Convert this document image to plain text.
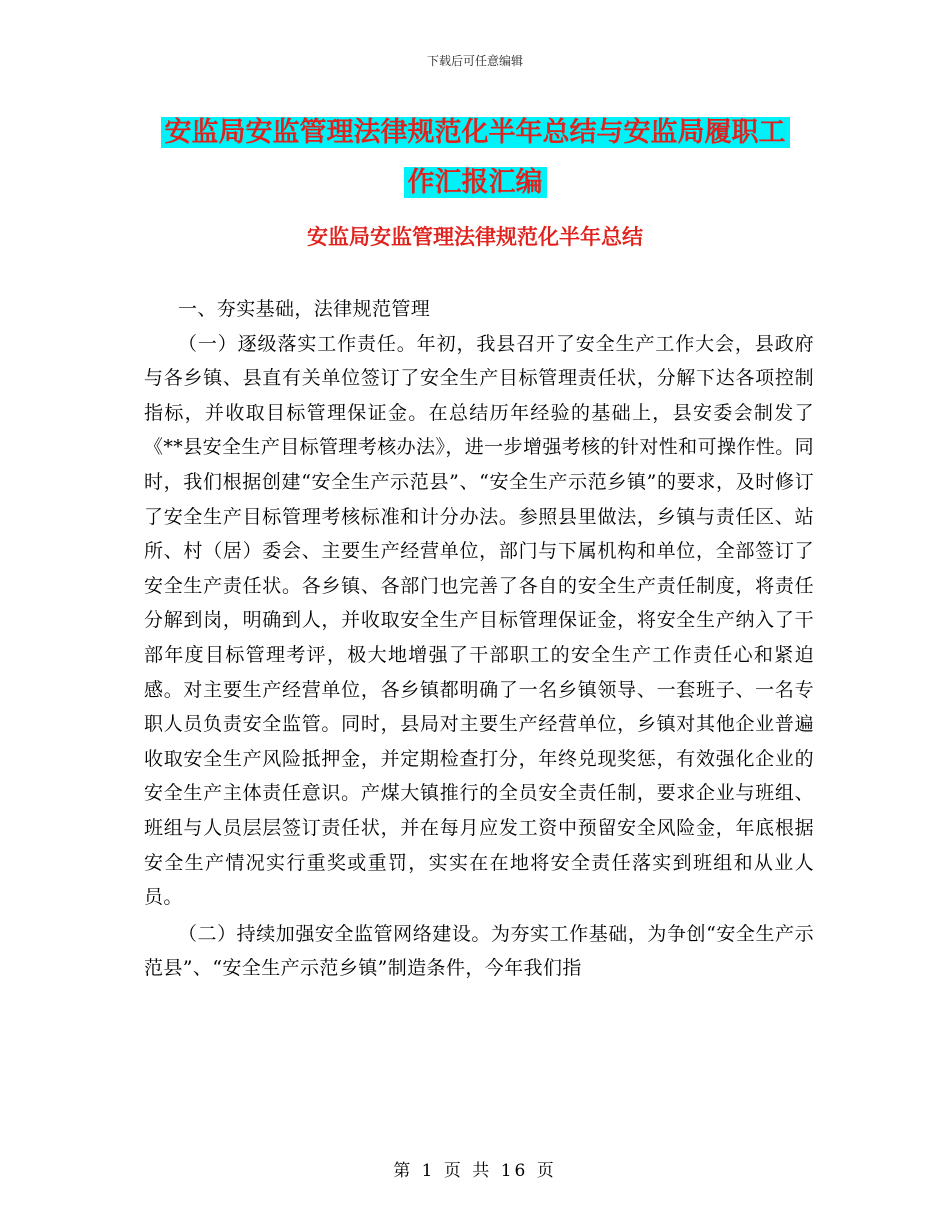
下载后可任意编辑
安监局安监管理法律规范化半年总结与安监局履职工
作汇报汇编
安监局安监管理法律规范化半年总结

一、夯实基础，法律规范管理

（一）逐级落实工作责任。年初，我县召开了安全生产工作大会，县政府与各乡镇、县直有关单位签订了安全生产目标管理责任状，分解下达各项控制指标，并收取目标管理保证金。在总结历年经验的基础上，县安委会制发了《**县安全生产目标管理考核办法》，进一步增强考核的针对性和可操作性。同时，我们根据创建“安全生产示范县”、“安全生产示范乡镇”的要求，及时修订了安全生产目标管理考核标准和计分办法。参照县里做法，乡镇与责任区、站所、村（居）委会、主要生产经营单位，部门与下属机构和单位，全部签订了安全生产责任状。各乡镇、各部门也完善了各自的安全生产责任制度，将责任分解到岗，明确到人，并收取安全生产目标管理保证金，将安全生产纳入了干部年度目标管理考评，极大地增强了干部职工的安全生产工作责任心和紧迫感。对主要生产经营单位，各乡镇都明确了一名乡镇领导、一套班子、一名专职人员负责安全监管。同时，县局对主要生产经营单位，乡镇对其他企业普遍收取安全生产风险抵押金，并定期检查打分，年终兑现奖惩，有效强化企业的安全生产主体责任意识。产煤大镇推行的全员安全责任制，要求企业与班组、班组与人员层层签订责任状，并在每月应发工资中预留安全风险金，年底根据安全生产情况实行重奖或重罚，实实在在地将安全责任落实到班组和从业人员。

（二）持续加强安全监管网络建设。为夯实工作基础，为争创“安全生产示范县”、“安全生产示范乡镇”制造条件，今年我们指

第 1 页 共 16 页
